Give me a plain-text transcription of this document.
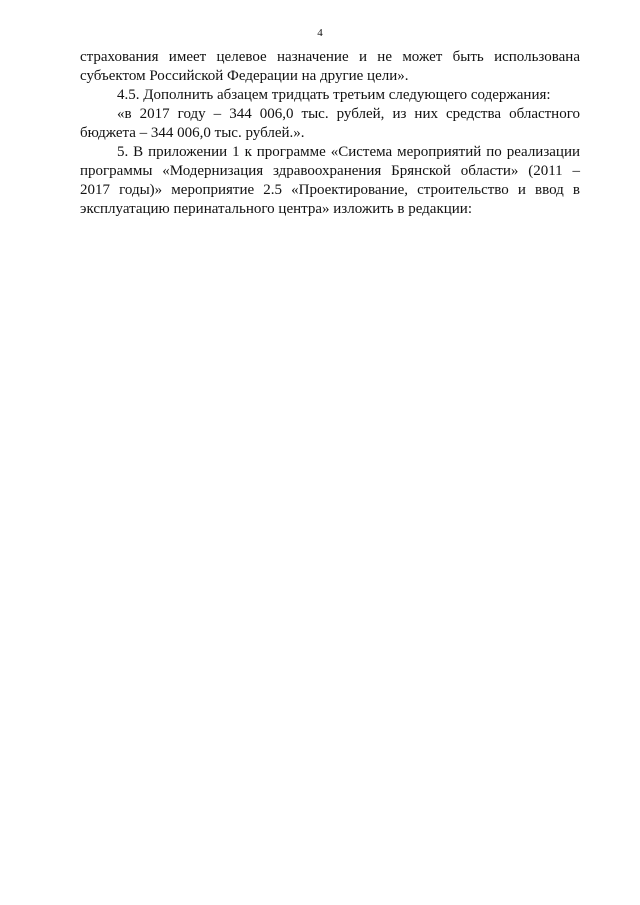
4
страхования имеет целевое назначение и не может быть использована
субъектом Российской Федерации на другие цели».
4.5. Дополнить абзацем тридцать третьим следующего содержания:
«в 2017 году – 344 006,0 тыс. рублей, из них средства областного
бюджета – 344 006,0 тыс. рублей.».
5. В приложении 1 к программе «Система мероприятий по реализации
программы «Модернизация здравоохранения Брянской области» (2011 –
2017 годы)» мероприятие 2.5 «Проектирование, строительство и ввод в
эксплуатацию перинатального центра» изложить в редакции:
